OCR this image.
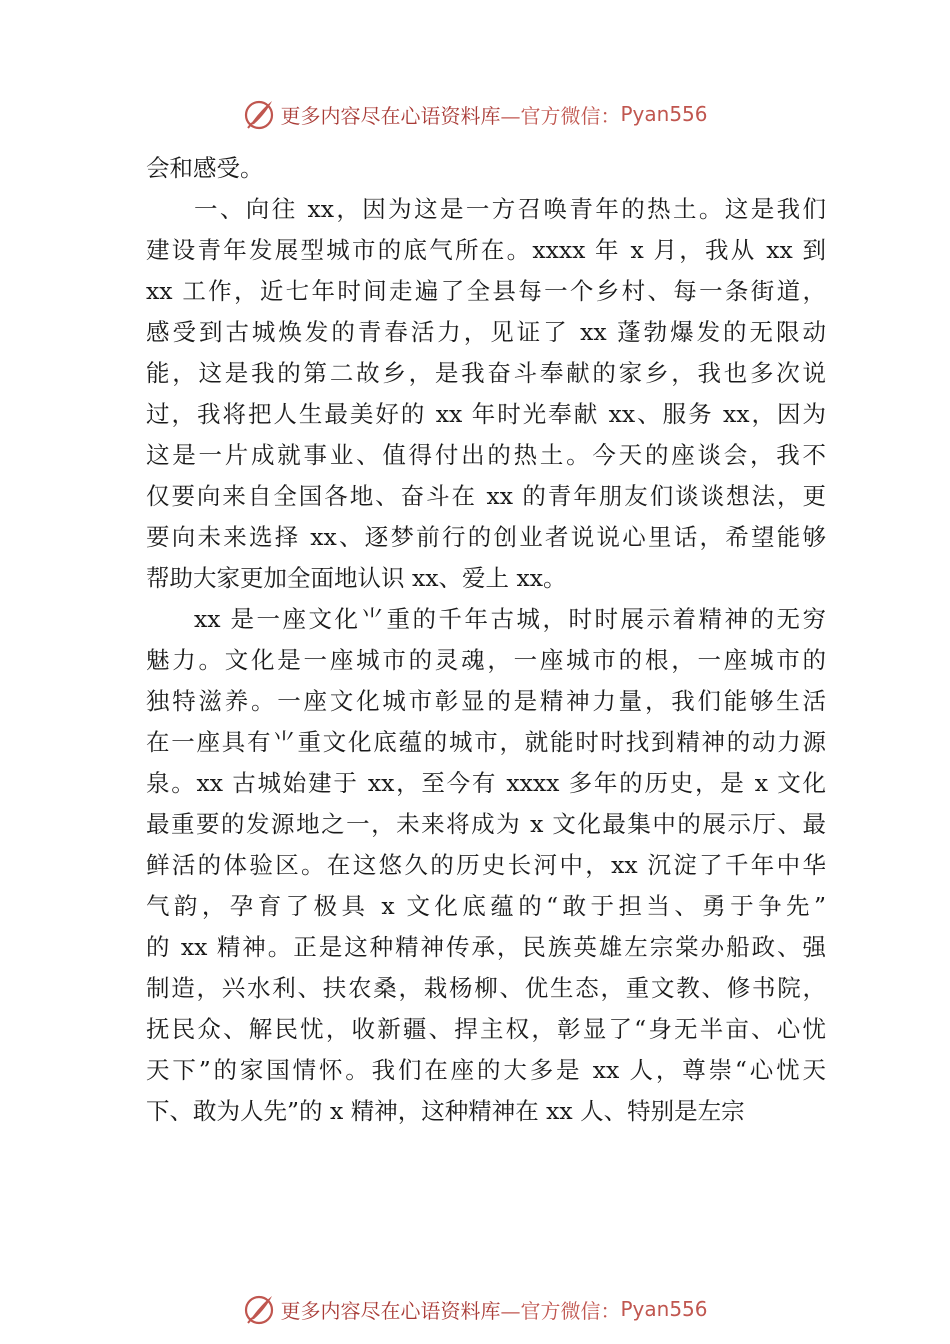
更多内容尽在心语资料库 —官方微信： Pyan556
会和感受。
一、向往 xx，因为这是一方召唤青年的热土。这是我们
建设青年发展型城市的底气所在。xxxx 年 x 月，我从 xx 到
xx 工作，近七年时间走遍了全县每一个乡村、每一条街道，
感受到古城焕发的青春活力，见证了 xx 蓬勃爆发的无限动
能，这是我的第二故乡，是我奋斗奉献的家乡，我也多次说
过，我将把人生最美好的 xx 年时光奉献 xx、服务 xx，因为
这是一片成就事业、值得付出的热土。今天的座谈会，我不
仅要向来自全国各地、奋斗在 xx 的青年朋友们谈谈想法，更
要向未来选择 xx、逐梦前行的创业者说说心里话，希望能够
帮助大家更加全面地认识 xx、爱上 xx。
xx 是一座文化⺌重的千年古城，时时展示着精神的无穷
魅力。文化是一座城市的灵魂，一座城市的根，一座城市的
独特滋养。一座文化城市彰显的是精神力量，我们能够生活
在一座具有⺌重文化底蕴的城市，就能时时找到精神的动力源
泉。xx 古城始建于 xx，至今有 xxxx 多年的历史，是 x 文化
最重要的发源地之一，未来将成为 x 文化最集中的展示厅、最
鲜活的体验区。在这悠久的历史长河中，xx 沉淀了千年中华
气韵，孕育了极具 x 文化底蕴的“敢于担当、勇于争先”
的 xx 精神。正是这种精神传承，民族英雄左宗棠办船政、强
制造，兴水利、扶农桑，栽杨柳、优生态，重文教、修书院，
抚民众、解民忧，收新疆、捍主权，彰显了“身无半亩、心忧
天下”的家国情怀。我们在座的大多是 xx 人，尊崇“心忧天
下、敢为人先”的 x 精神，这种精神在 xx 人、特别是左宗
更多内容尽在心语资料库 —官方微信： Pyan556
